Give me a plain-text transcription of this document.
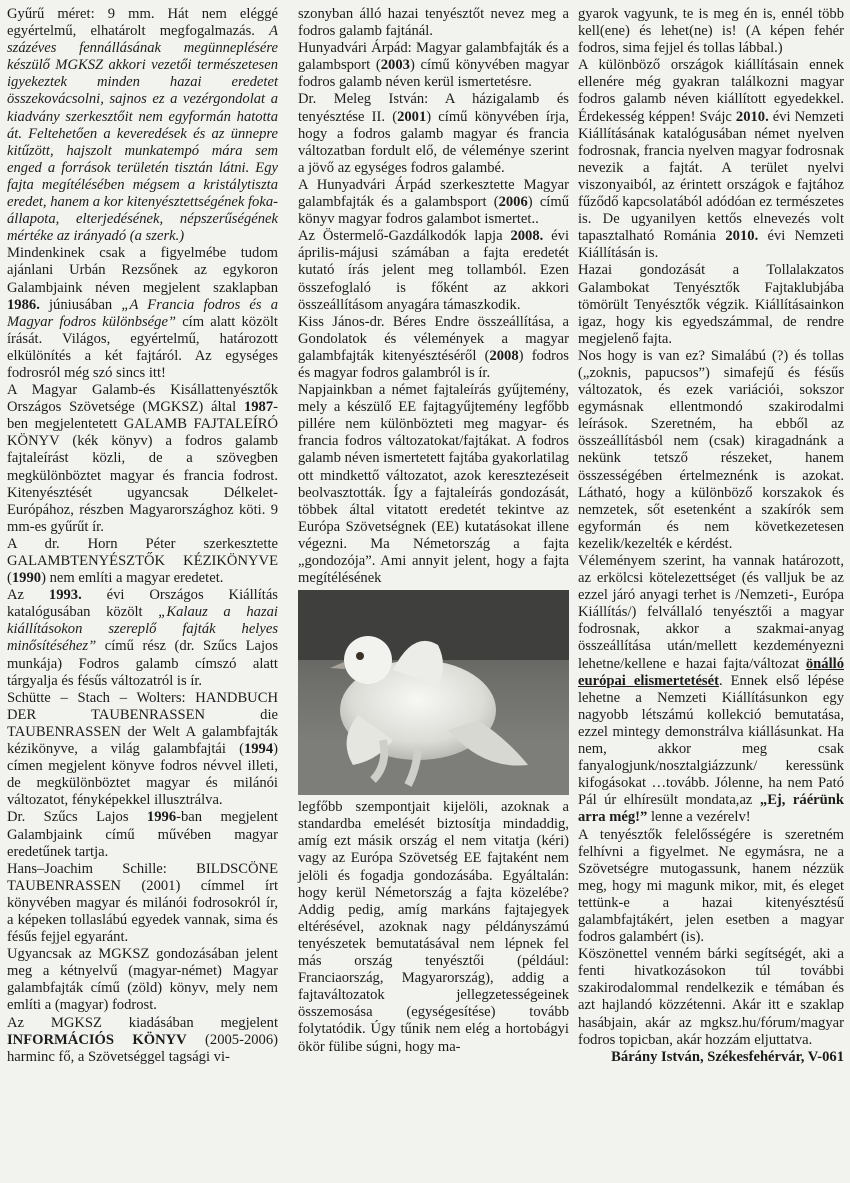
Gyűrű méret: 9 mm. Hát nem eléggé egyértelmű, elhatárolt megfogalmazás. A százéves fennállásának megünneplésére készülő MGKSZ akkori vezetői természetesen igyekeztek minden hazai eredetet összekovácsolni, sajnos ez a vezérgondolat a kiadvány szerkesztőit nem egyformán hatotta át. Feltehetően a keveredések és az ünnepre kitűzött, hajszolt munkatempó mára sem enged a források területén tisztán látni. Egy fajta megítélésében mégsem a kristálytiszta eredet, hanem a kor kitenyésztettségének foka-állapota, elterjedésének, népszerűségének mértéke az irányadó (a szerk.)

Mindenkinek csak a figyelmébe tudom ajánlani Urbán Rezsőnek az egykoron Galambjaink néven megjelent szaklapban 1986. júniusában „A Francia fodros és a Magyar fodros különbsége” cím alatt közölt írását. Világos, egyértelmű, határozott elkülönítés a két fajtáról. Az egységes fodrosról még szó sincs itt!

A Magyar Galamb-és Kisállattenyésztők Országos Szövetsége (MGKSZ) által 1987-ben megjelentetett GALAMB FAJTALEÍRÓ KÖNYV (kék könyv) a fodros galamb fajtaleírást közli, de a szövegben megkülönböztet magyar és francia fodrost. Kitenyésztését ugyancsak Délkelet-Európához, részben Magyarországhoz köti. 9 mm-es gyűrűt ír.

A dr. Horn Péter szerkesztette GALAMBTENYÉSZTŐK KÉZIKÖNYVE (1990) nem említi a magyar eredetet.

Az 1993. évi Országos Kiállítás katalógusában közölt „Kalauz a hazai kiállításokon szereplő fajták helyes minősítéséhez” című rész (dr. Szűcs Lajos munkája) Fodros galamb címszó alatt tárgyalja és fésűs változatról is ír.

Schütte – Stach – Wolters: HANDBUCH DER TAUBENRASSEN die TAUBENRASSEN der Welt A galambfajták kézikönyve, a világ galambfajtái (1994) címen megjelent könyve fodros névvel illeti, de megkülönböztet magyar és milánói változatot, fényképekkel illusztrálva.

Dr. Szűcs Lajos 1996-ban megjelent Galambjaink című művében magyar eredetűnek tartja.

Hans–Joachim Schille: BILDSCÖNE TAUBENRASSEN (2001) címmel írt könyvében magyar és milánói fodrosokról ír, a képeken tollaslábú egyedek vannak, sima és fésűs fejjel egyaránt.

Ugyancsak az MGKSZ gondozásában jelent meg a kétnyelvű (magyar-német) Magyar galambfajták című (zöld) könyv, mely nem említi a (magyar) fodrost.

Az MGKSZ kiadásában megjelent INFORMÁCIÓS KÖNYV (2005-2006) harminc fő, a Szövetséggel tagsági vi-

szonyban álló hazai tenyésztőt nevez meg a fodros galamb fajtánál.

Hunyadvári Árpád: Magyar galambfajták és a galambsport (2003) című könyvében magyar fodros galamb néven kerül ismertetésre.

Dr. Meleg István: A házigalamb és tenyésztése II. (2001) című könyvében írja, hogy a fodros galamb magyar és francia változatban fordult elő, de véleménye szerint a jövő az egységes fodros galambé.

A Hunyadvári Árpád szerkesztette Magyar galambfajták és a galambsport (2006) című könyv magyar fodros galambot ismertet..

Az Östermelő-Gazdálkodók lapja 2008. évi április-májusi számában a fajta eredetét kutató írás jelent meg tollamból. Ezen összefoglaló is főként az akkori összeállításom anyagára támaszkodik.

Kiss János-dr. Béres Endre összeállítása, a Gondolatok és vélemények a magyar galambfajták kitenyésztéséről (2008) fodros és magyar fodros galambról is ír.

Napjainkban a német fajtaleírás gyűjtemény, mely a készülő EE fajtagyűjtemény legfőbb pillére nem különbözteti meg magyar- és francia fodros változatokat/fajtákat. A fodros galamb néven ismertetett fajtába gyakorlatilag ott mindkettő változatot, azok keresztezéseit beolvasztották. Így a fajtaleírás gondozását, többek által vitatott eredetét tekintve az Európa Szövetségnek (EE) kutatásokat illene végezni. Ma Németország a fajta „gondozója”. Ami annyit jelent, hogy a fajta megítélésének

legfőbb szempontjait kijelöli, azoknak a standardba emelését biztosítja mindaddig, amíg ezt másik ország el nem vitatja (kéri) vagy az Európa Szövetség EE fajtaként nem jelöli és fogadja gondozásába. Egyáltalán: hogy kerül Németország a fajta közelébe? Addig pedig, amíg markáns fajtajegyek eltérésével, azoknak nagy példányszámú tenyészetek bemutatásával nem lépnek fel más ország tenyésztői (például: Franciaország, Magyarország), addig a fajtaváltozatok jellegzetességeinek összemosása (egységesítése) tovább folytatódik. Úgy tűnik nem elég a hortobágyi ökör fülibe súgni, hogy ma-

gyarok vagyunk, te is meg én is, ennél több kell(ene) és lehet(ne) is! (A képen fehér fodros, sima fejjel és tollas lábbal.)

A különböző országok kiállításain ennek ellenére még gyakran találkozni magyar fodros galamb néven kiállított egyedekkel. Érdekesség képpen! Svájc 2010. évi Nemzeti Kiállításának katalógusában német nyelven fodrosnak, francia nyelven magyar fodrosnak nevezik a fajtát. A terület nyelvi viszonyaiból, az érintett országok e fajtához fűződő kapcsolatából adódóan ez természetes is. De ugyanilyen kettős elnevezés volt tapasztalható Románia 2010. évi Nemzeti Kiállításán is.

Hazai gondozását a Tollalakzatos Galambokat Tenyésztők Fajtaklubjába tömörült Tenyésztők végzik. Kiállításainkon igaz, hogy kis egyedszámmal, de rendre megjelenő fajta.

Nos hogy is van ez? Simalábú (?) és tollas („zoknis, papucsos”) simafejű és fésűs változatok, és ezek variációi, sokszor egymásnak ellentmondó szakirodalmi leírások. Szeretném, ha ebből az összeállításból nem (csak) kiragadnánk a nekünk tetsző részeket, hanem összességében értelmeznénk is azokat. Látható, hogy a különböző korszakok és nemzetek, sőt esetenként a szakírók sem egyformán és nem következetesen kezelik/kezelték e kérdést.

Véleményem szerint, ha vannak határozott, az erkölcsi kötelezettséget (és valljuk be az ezzel járó anyagi terhet is /Nemzeti-, Európa Kiállítás/) felvállaló tenyésztői a magyar fodrosnak, akkor a szakmai-anyag összeállítása után/mellett kezdeményezni lehetne/kellene e hazai fajta/változat önálló európai elismertetését. Ennek első lépése lehetne a Nemzeti Kiállításunkon egy nagyobb létszámú kollekció bemutatása, ezzel mintegy demonstrálva kiállásunkat. Ha nem, akkor meg csak fanyalogjunk/nosztalgiázzunk/ keressünk kifogásokat …tovább. Jólenne, ha nem Pató Pál úr elhíresült mondata,az „Ej, ráérünk arra még!” lenne a vezérelv!

A tenyésztők felelősségére is szeretném felhívni a figyelmet. Ne egymásra, ne a Szövetségre mutogassunk, hanem nézzük meg, hogy mi magunk mikor, mit, és eleget tettünk-e a hazai kitenyésztésű galambfajtákért, jelen esetben a magyar fodros galambért (is).

Köszönettel venném bárki segítségét, aki a fenti hivatkozásokon túl további szakirodalommal rendelkezik e témában és azt hajlandó közzétenni. Akár itt e szaklap hasábjain, akár az mgksz.hu/fórum/magyar fodros topicban, akár hozzám eljuttatva.

Bárány István, Székesfehérvár, V-061
